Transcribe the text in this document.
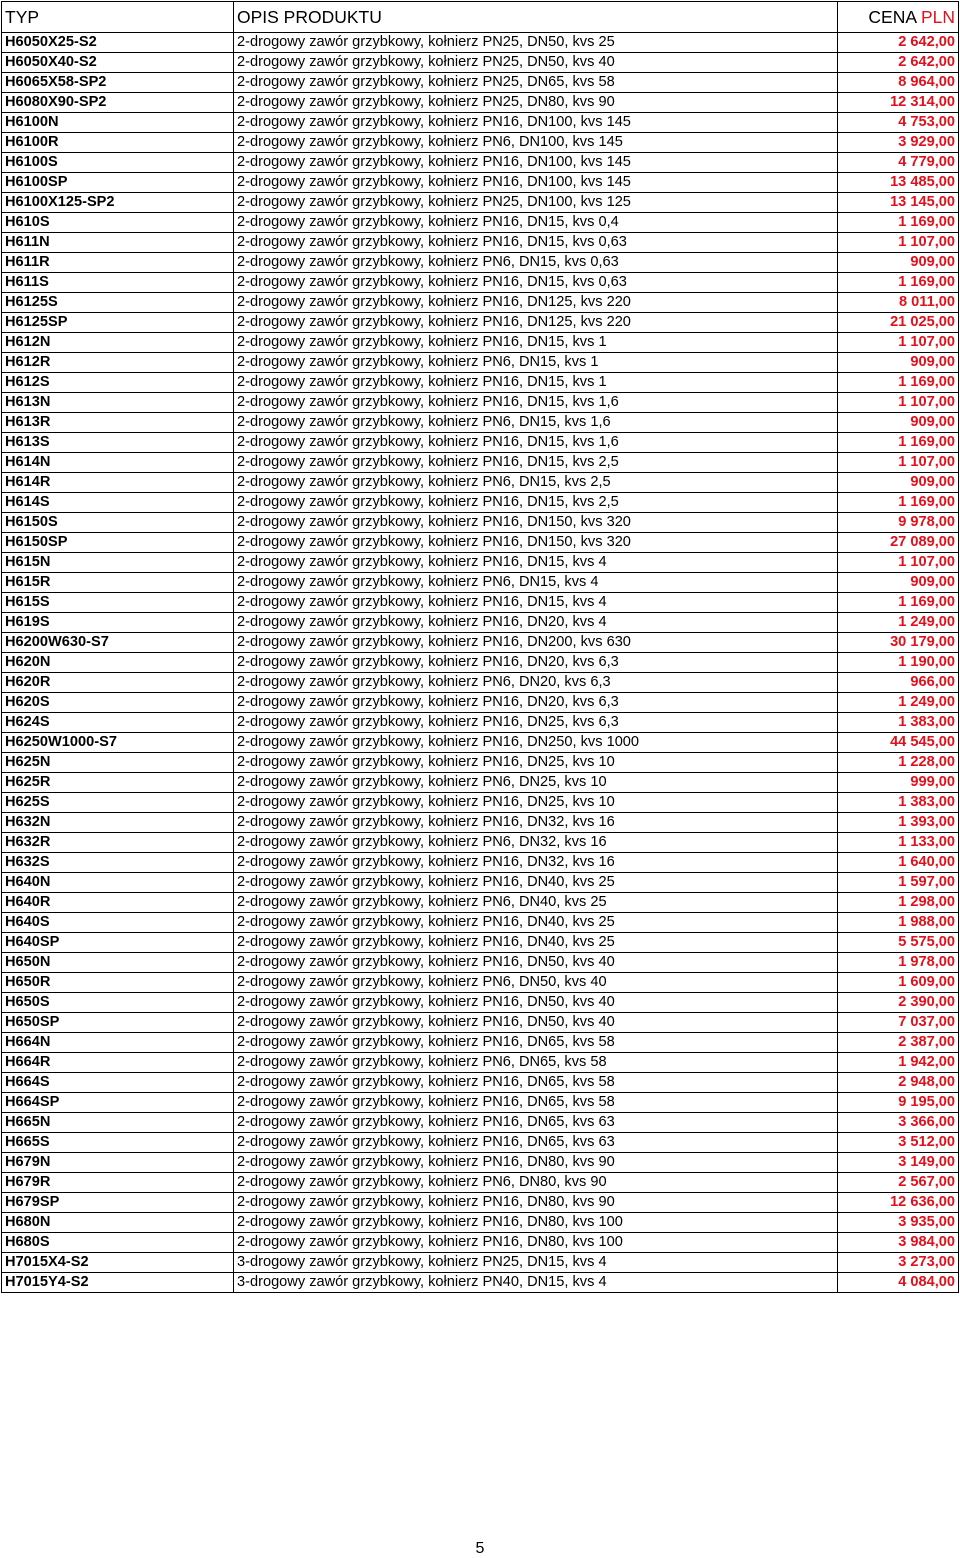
TYP	OPIS PRODUKTU	CENA PLN
H6050X25-S2	2-drogowy zawór grzybkowy, kołnierz PN25, DN50, kvs 25	2 642,00
H6050X40-S2	2-drogowy zawór grzybkowy, kołnierz PN25, DN50, kvs 40	2 642,00
H6065X58-SP2	2-drogowy zawór grzybkowy, kołnierz PN25, DN65, kvs 58	8 964,00
H6080X90-SP2	2-drogowy zawór grzybkowy, kołnierz PN25, DN80, kvs 90	12 314,00
H6100N	2-drogowy zawór grzybkowy, kołnierz PN16, DN100, kvs 145	4 753,00
H6100R	2-drogowy zawór grzybkowy, kołnierz PN6, DN100, kvs 145	3 929,00
H6100S	2-drogowy zawór grzybkowy, kołnierz PN16, DN100, kvs 145	4 779,00
H6100SP	2-drogowy zawór grzybkowy, kołnierz PN16, DN100, kvs 145	13 485,00
H6100X125-SP2	2-drogowy zawór grzybkowy, kołnierz PN25, DN100, kvs 125	13 145,00
H610S	2-drogowy zawór grzybkowy, kołnierz PN16, DN15, kvs 0,4	1 169,00
H611N	2-drogowy zawór grzybkowy, kołnierz PN16, DN15, kvs 0,63	1 107,00
H611R	2-drogowy zawór grzybkowy, kołnierz PN6, DN15, kvs 0,63	909,00
H611S	2-drogowy zawór grzybkowy, kołnierz PN16, DN15, kvs 0,63	1 169,00
H6125S	2-drogowy zawór grzybkowy, kołnierz PN16, DN125, kvs 220	8 011,00
H6125SP	2-drogowy zawór grzybkowy, kołnierz PN16, DN125, kvs 220	21 025,00
H612N	2-drogowy zawór grzybkowy, kołnierz PN16, DN15, kvs 1	1 107,00
H612R	2-drogowy zawór grzybkowy, kołnierz PN6, DN15, kvs 1	909,00
H612S	2-drogowy zawór grzybkowy, kołnierz PN16, DN15, kvs 1	1 169,00
H613N	2-drogowy zawór grzybkowy, kołnierz PN16, DN15, kvs 1,6	1 107,00
H613R	2-drogowy zawór grzybkowy, kołnierz PN6, DN15, kvs 1,6	909,00
H613S	2-drogowy zawór grzybkowy, kołnierz PN16, DN15, kvs 1,6	1 169,00
H614N	2-drogowy zawór grzybkowy, kołnierz PN16, DN15, kvs 2,5	1 107,00
H614R	2-drogowy zawór grzybkowy, kołnierz PN6, DN15, kvs 2,5	909,00
H614S	2-drogowy zawór grzybkowy, kołnierz PN16, DN15, kvs 2,5	1 169,00
H6150S	2-drogowy zawór grzybkowy, kołnierz PN16, DN150, kvs 320	9 978,00
H6150SP	2-drogowy zawór grzybkowy, kołnierz PN16, DN150, kvs 320	27 089,00
H615N	2-drogowy zawór grzybkowy, kołnierz PN16, DN15, kvs 4	1 107,00
H615R	2-drogowy zawór grzybkowy, kołnierz PN6, DN15, kvs 4	909,00
H615S	2-drogowy zawór grzybkowy, kołnierz PN16, DN15, kvs 4	1 169,00
H619S	2-drogowy zawór grzybkowy, kołnierz PN16, DN20, kvs 4	1 249,00
H6200W630-S7	2-drogowy zawór grzybkowy, kołnierz PN16, DN200, kvs 630	30 179,00
H620N	2-drogowy zawór grzybkowy, kołnierz PN16, DN20, kvs 6,3	1 190,00
H620R	2-drogowy zawór grzybkowy, kołnierz PN6, DN20, kvs 6,3	966,00
H620S	2-drogowy zawór grzybkowy, kołnierz PN16, DN20, kvs 6,3	1 249,00
H624S	2-drogowy zawór grzybkowy, kołnierz PN16, DN25, kvs 6,3	1 383,00
H6250W1000-S7	2-drogowy zawór grzybkowy, kołnierz PN16, DN250, kvs 1000	44 545,00
H625N	2-drogowy zawór grzybkowy, kołnierz PN16, DN25, kvs 10	1 228,00
H625R	2-drogowy zawór grzybkowy, kołnierz PN6, DN25, kvs 10	999,00
H625S	2-drogowy zawór grzybkowy, kołnierz PN16, DN25, kvs 10	1 383,00
H632N	2-drogowy zawór grzybkowy, kołnierz PN16, DN32, kvs 16	1 393,00
H632R	2-drogowy zawór grzybkowy, kołnierz PN6, DN32, kvs 16	1 133,00
H632S	2-drogowy zawór grzybkowy, kołnierz PN16, DN32, kvs 16	1 640,00
H640N	2-drogowy zawór grzybkowy, kołnierz PN16, DN40, kvs 25	1 597,00
H640R	2-drogowy zawór grzybkowy, kołnierz PN6, DN40, kvs 25	1 298,00
H640S	2-drogowy zawór grzybkowy, kołnierz PN16, DN40, kvs 25	1 988,00
H640SP	2-drogowy zawór grzybkowy, kołnierz PN16, DN40, kvs 25	5 575,00
H650N	2-drogowy zawór grzybkowy, kołnierz PN16, DN50, kvs 40	1 978,00
H650R	2-drogowy zawór grzybkowy, kołnierz PN6, DN50, kvs 40	1 609,00
H650S	2-drogowy zawór grzybkowy, kołnierz PN16, DN50, kvs 40	2 390,00
H650SP	2-drogowy zawór grzybkowy, kołnierz PN16, DN50, kvs 40	7 037,00
H664N	2-drogowy zawór grzybkowy, kołnierz PN16, DN65, kvs 58	2 387,00
H664R	2-drogowy zawór grzybkowy, kołnierz PN6, DN65, kvs 58	1 942,00
H664S	2-drogowy zawór grzybkowy, kołnierz PN16, DN65, kvs 58	2 948,00
H664SP	2-drogowy zawór grzybkowy, kołnierz PN16, DN65, kvs 58	9 195,00
H665N	2-drogowy zawór grzybkowy, kołnierz PN16, DN65, kvs 63	3 366,00
H665S	2-drogowy zawór grzybkowy, kołnierz PN16, DN65, kvs 63	3 512,00
H679N	2-drogowy zawór grzybkowy, kołnierz PN16, DN80, kvs 90	3 149,00
H679R	2-drogowy zawór grzybkowy, kołnierz PN6, DN80, kvs 90	2 567,00
H679SP	2-drogowy zawór grzybkowy, kołnierz PN16, DN80, kvs 90	12 636,00
H680N	2-drogowy zawór grzybkowy, kołnierz PN16, DN80, kvs 100	3 935,00
H680S	2-drogowy zawór grzybkowy, kołnierz PN16, DN80, kvs 100	3 984,00
H7015X4-S2	3-drogowy zawór grzybkowy, kołnierz PN25, DN15, kvs 4	3 273,00
H7015Y4-S2	3-drogowy zawór grzybkowy, kołnierz PN40, DN15, kvs 4	4 084,00
5
